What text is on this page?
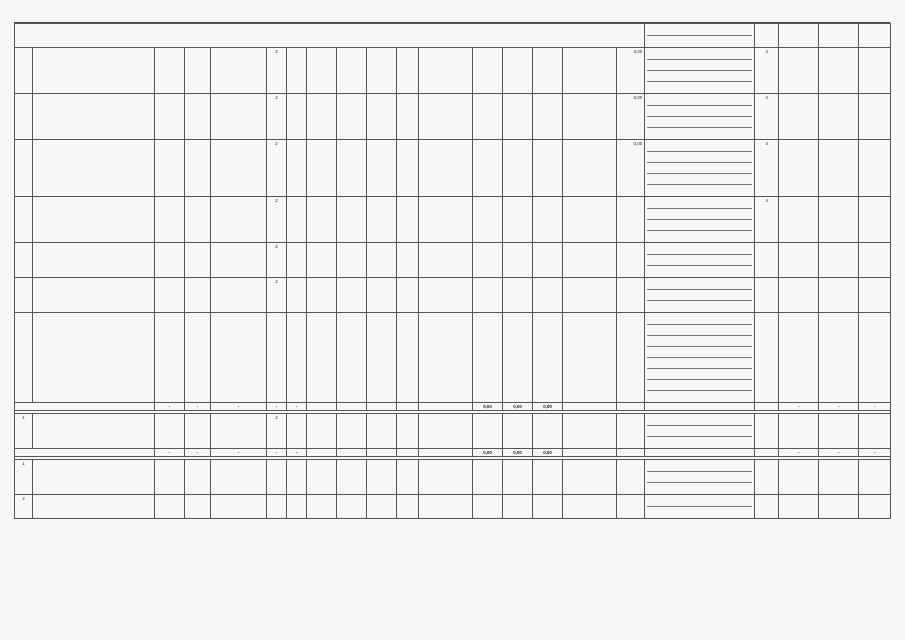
					2											0,00		4			
					2											0,00		4			
					2											0,00		4			
					2													4			
					2												

					2												

		-	-	-	-	-						0,00	0,00	0,00					-	-	-

1					2												

		-	-	-	-	-						0,00	0,00	0,00					-	-	-

1																	

2																	
